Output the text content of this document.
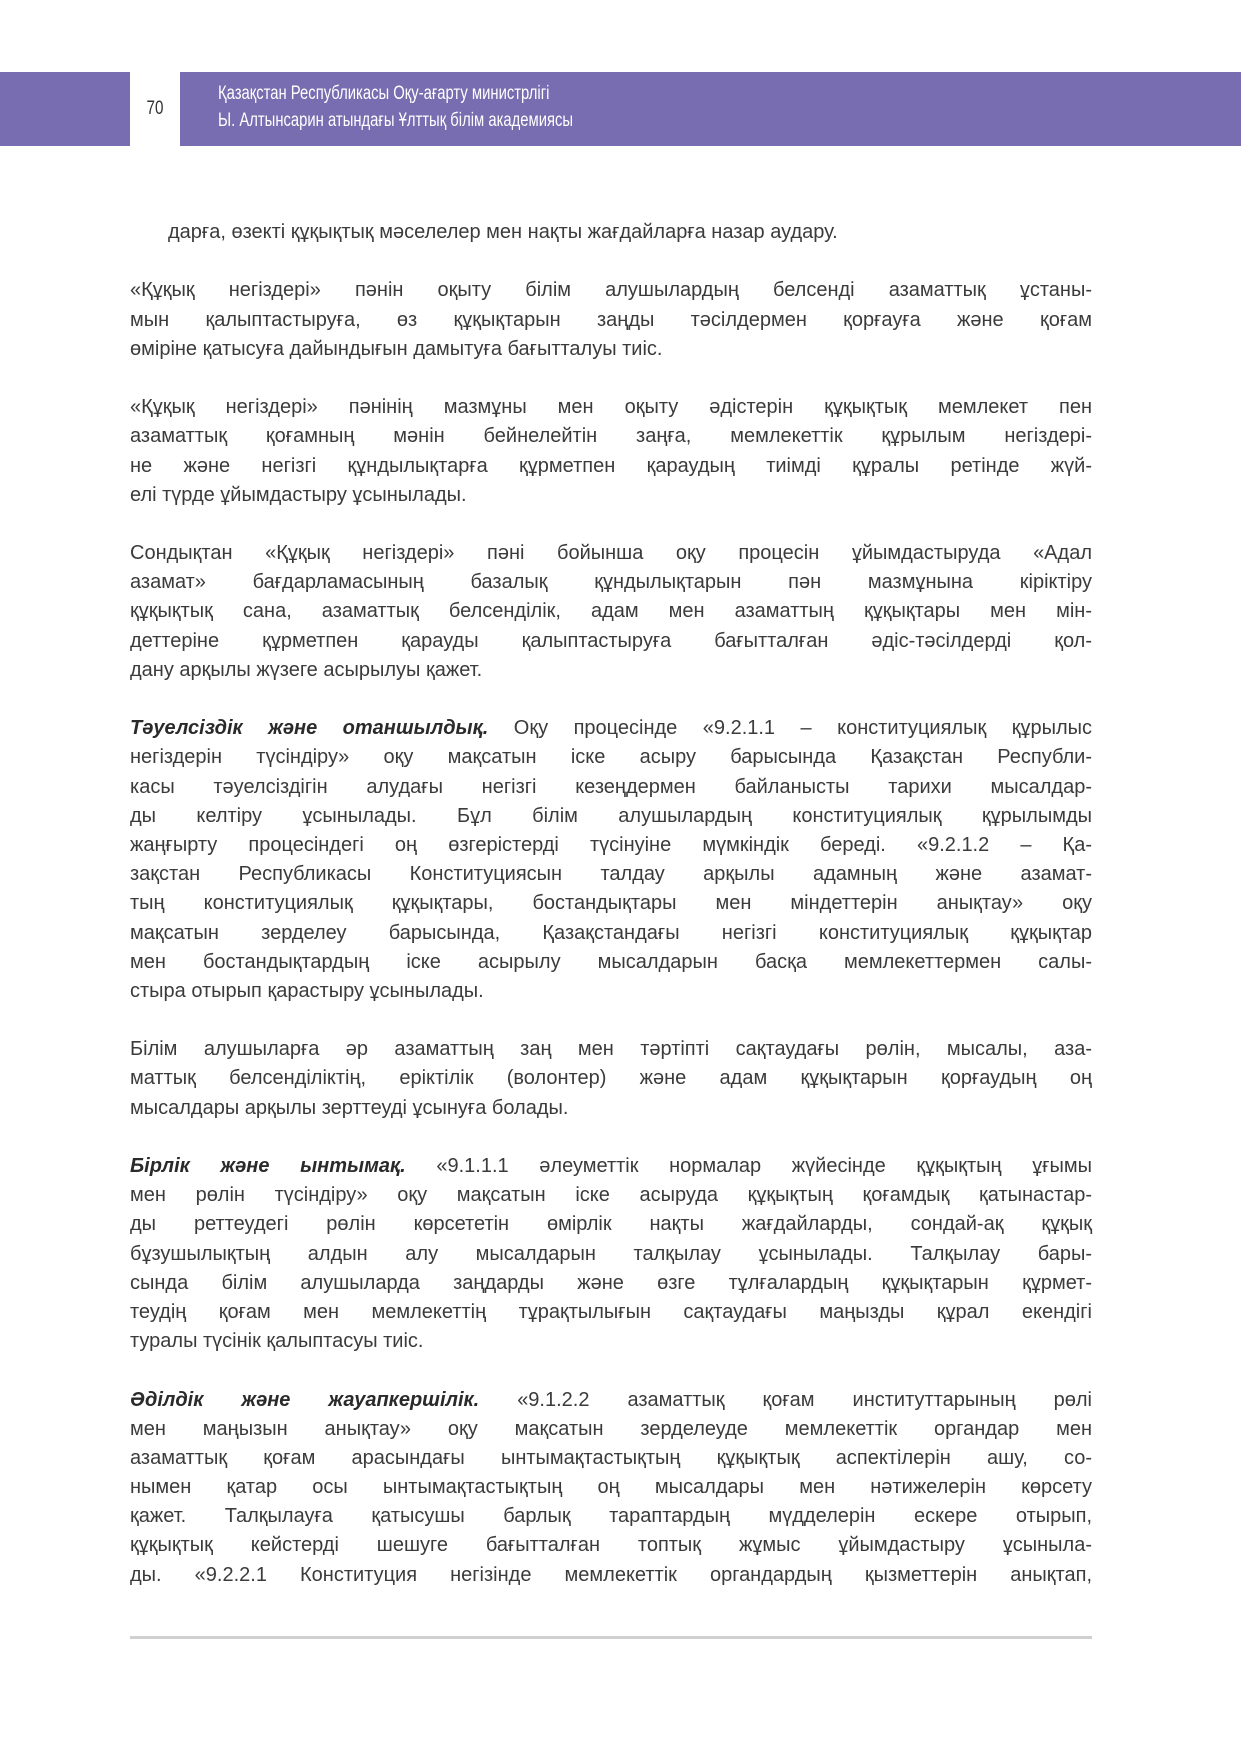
70
Қазақстан Республикасы Оқу-ағарту министрлігі
Ы. Алтынсарин атындағы Ұлттық білім академиясы
дарға, өзекті құқықтық мәселелер мен нақты жағдайларға назар аудару.
«Құқық негіздері» пәнін оқыту білім алушылардың белсенді азаматтық ұстаны-
мын қалыптастыруға, өз құқықтарын заңды тәсілдермен қорғауға және қоғам
өміріне қатысуға дайындығын дамытуға бағытталуы тиіс.
«Құқық негіздері» пәнінің мазмұны мен оқыту әдістерін құқықтық мемлекет пен
азаматтық қоғамның мәнін бейнелейтін заңға, мемлекеттік құрылым негіздері-
не және негізгі құндылықтарға құрметпен қараудың тиімді құралы ретінде жүй-
елі түрде ұйымдастыру ұсынылады.
Сондықтан «Құқық негіздері» пәні бойынша оқу процесін ұйымдастыруда «Адал
азамат» бағдарламасының базалық құндылықтарын пән мазмұнына кіріктіру
құқықтық сана, азаматтық белсенділік, адам мен азаматтың құқықтары мен мін-
деттеріне құрметпен қарауды қалыптастыруға бағытталған әдіс-тәсілдерді қол-
дану арқылы жүзеге асырылуы қажет.
Тәуелсіздік және отаншылдық. Оқу процесінде «9.2.1.1 – конституциялық құрылыс
негіздерін түсіндіру» оқу мақсатын іске асыру барысында Қазақстан Республи-
касы тәуелсіздігін алудағы негізгі кезеңдермен байланысты тарихи мысалдар-
ды келтіру ұсынылады. Бұл білім алушылардың конституциялық құрылымды
жаңғырту процесіндегі оң өзгерістерді түсінуіне мүмкіндік береді. «9.2.1.2 – Қа-
зақстан Республикасы Конституциясын талдау арқылы адамның және азамат-
тың конституциялық құқықтары, бостандықтары мен міндеттерін анықтау» оқу
мақсатын зерделеу барысында, Қазақстандағы негізгі конституциялық құқықтар
мен бостандықтардың іске асырылу мысалдарын басқа мемлекеттермен салы-
стыра отырып қарастыру ұсынылады.
Білім алушыларға әр азаматтың заң мен тәртіпті сақтаудағы рөлін, мысалы, аза-
маттық белсенділіктің, еріктілік (волонтер) және адам құқықтарын қорғаудың оң
мысалдары арқылы зерттеуді ұсынуға болады.
Бірлік және ынтымақ. «9.1.1.1 әлеуметтік нормалар жүйесінде құқықтың ұғымы
мен рөлін түсіндіру» оқу мақсатын іске асыруда құқықтың қоғамдық қатынастар-
ды реттеудегі рөлін көрсететін өмірлік нақты жағдайларды, сондай-ақ құқық
бұзушылықтың алдын алу мысалдарын талқылау ұсынылады. Талқылау бары-
сында білім алушыларда заңдарды және өзге тұлғалардың құқықтарын құрмет-
теудің қоғам мен мемлекеттің тұрақтылығын сақтаудағы маңызды құрал екендігі
туралы түсінік қалыптасуы тиіс.
Әділдік және жауапкершілік. «9.1.2.2 азаматтық қоғам институттарының рөлі
мен маңызын анықтау» оқу мақсатын зерделеуде мемлекеттік органдар мен
азаматтық қоғам арасындағы ынтымақтастықтың құқықтық аспектілерін ашу, со-
нымен қатар осы ынтымақтастықтың оң мысалдары мен нәтижелерін көрсету
қажет. Талқылауға қатысушы барлық тараптардың мүдделерін ескере отырып,
құқықтық кейстерді шешуге бағытталған топтық жұмыс ұйымдастыру ұсыныла-
ды. «9.2.2.1 Конституция негізінде мемлекеттік органдардың қызметтерін анықтап,
